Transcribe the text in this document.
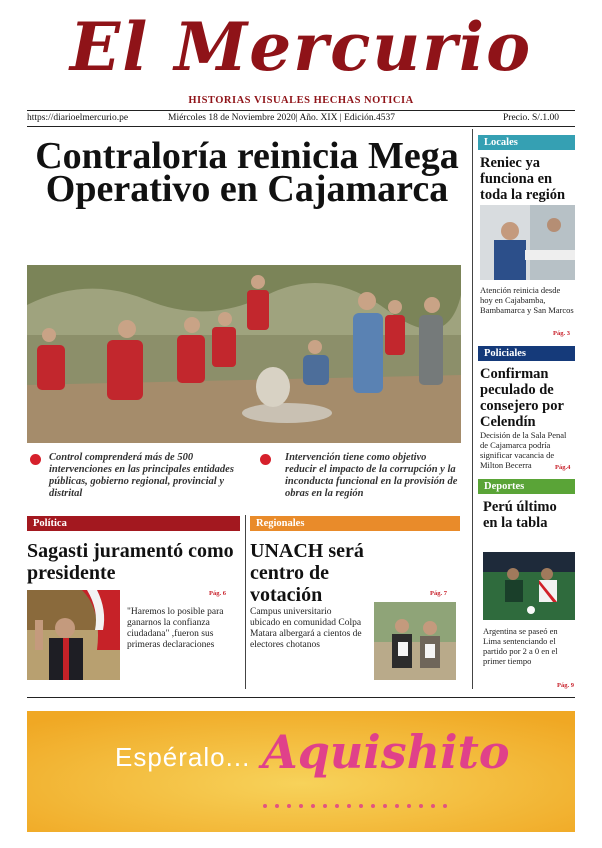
El Mercurio
HISTORIAS VISUALES HECHAS NOTICIA
https://diarioelmercurio.pe	Miércoles 18 de Noviembre 2020| Año. XIX | Edición.4537	Precio. S/.1.00
Contraloría reinicia Mega Operativo en Cajamarca
Control comprenderá más de 500 intervenciones en las principales entidades públicas, gobierno regional, provincial y distrital
Intervención tiene como objetivo reducir el impacto de la corrupción y la inconducta funcional en la provisión de obras en la región
Política
Sagasti juramentó como presidente
Pág. 6
"Haremos lo posible para ganarnos la confianza ciudadana" ,fueron sus primeras declaraciones
Regionales
UNACH será centro de votación	Pág. 7
Campus universitario ubicado en comunidad Colpa Matara albergará a cientos de electores chotanos
Locales
Reniec ya funciona en toda la región
Atención reinicia desde hoy en Cajabamba, Bambamarca y San Marcos
Pág. 3
Policiales
Confirman peculado de consejero por Celendín
Decisión de la Sala Penal de Cajamarca podría significar vacancia de Milton Becerra	Pág.4
Deportes
Perú último en la tabla
Argentina se paseó en Lima sentenciando el partido por 2 a 0 en el primer tiempo
Pág. 9
Espéralo... Aquishito
